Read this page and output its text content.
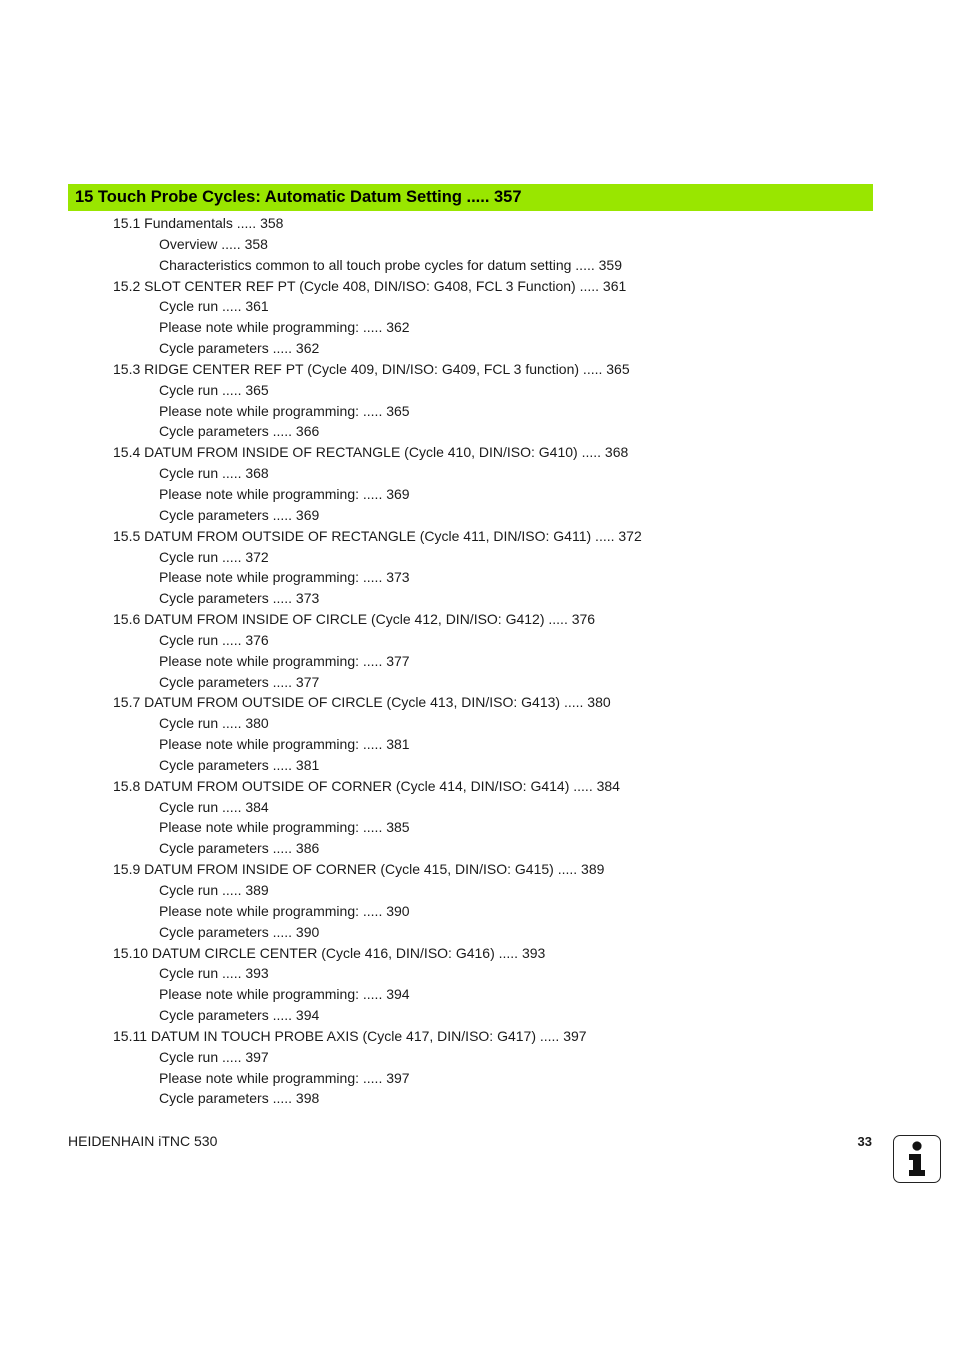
15 Touch Probe Cycles: Automatic Datum Setting ..... 357
15.1 Fundamentals ..... 358
Overview ..... 358
Characteristics common to all touch probe cycles for datum setting ..... 359
15.2 SLOT CENTER REF PT (Cycle 408, DIN/ISO: G408, FCL 3 Function) ..... 361
Cycle run ..... 361
Please note while programming: ..... 362
Cycle parameters ..... 362
15.3 RIDGE CENTER REF PT (Cycle 409, DIN/ISO: G409, FCL 3 function) ..... 365
Cycle run ..... 365
Please note while programming: ..... 365
Cycle parameters ..... 366
15.4 DATUM FROM INSIDE OF RECTANGLE (Cycle 410, DIN/ISO: G410) ..... 368
Cycle run ..... 368
Please note while programming: ..... 369
Cycle parameters ..... 369
15.5 DATUM FROM OUTSIDE OF RECTANGLE (Cycle 411, DIN/ISO: G411) ..... 372
Cycle run ..... 372
Please note while programming: ..... 373
Cycle parameters ..... 373
15.6 DATUM FROM INSIDE OF CIRCLE (Cycle 412, DIN/ISO: G412) ..... 376
Cycle run ..... 376
Please note while programming: ..... 377
Cycle parameters ..... 377
15.7 DATUM FROM OUTSIDE OF CIRCLE (Cycle 413, DIN/ISO: G413) ..... 380
Cycle run ..... 380
Please note while programming: ..... 381
Cycle parameters ..... 381
15.8 DATUM FROM OUTSIDE OF CORNER (Cycle 414, DIN/ISO: G414) ..... 384
Cycle run ..... 384
Please note while programming: ..... 385
Cycle parameters ..... 386
15.9 DATUM FROM INSIDE OF CORNER (Cycle 415, DIN/ISO: G415) ..... 389
Cycle run ..... 389
Please note while programming: ..... 390
Cycle parameters ..... 390
15.10 DATUM CIRCLE CENTER (Cycle 416, DIN/ISO: G416) ..... 393
Cycle run ..... 393
Please note while programming: ..... 394
Cycle parameters ..... 394
15.11 DATUM IN TOUCH PROBE AXIS (Cycle 417, DIN/ISO: G417) ..... 397
Cycle run ..... 397
Please note while programming: ..... 397
Cycle parameters ..... 398
HEIDENHAIN iTNC 530	33
